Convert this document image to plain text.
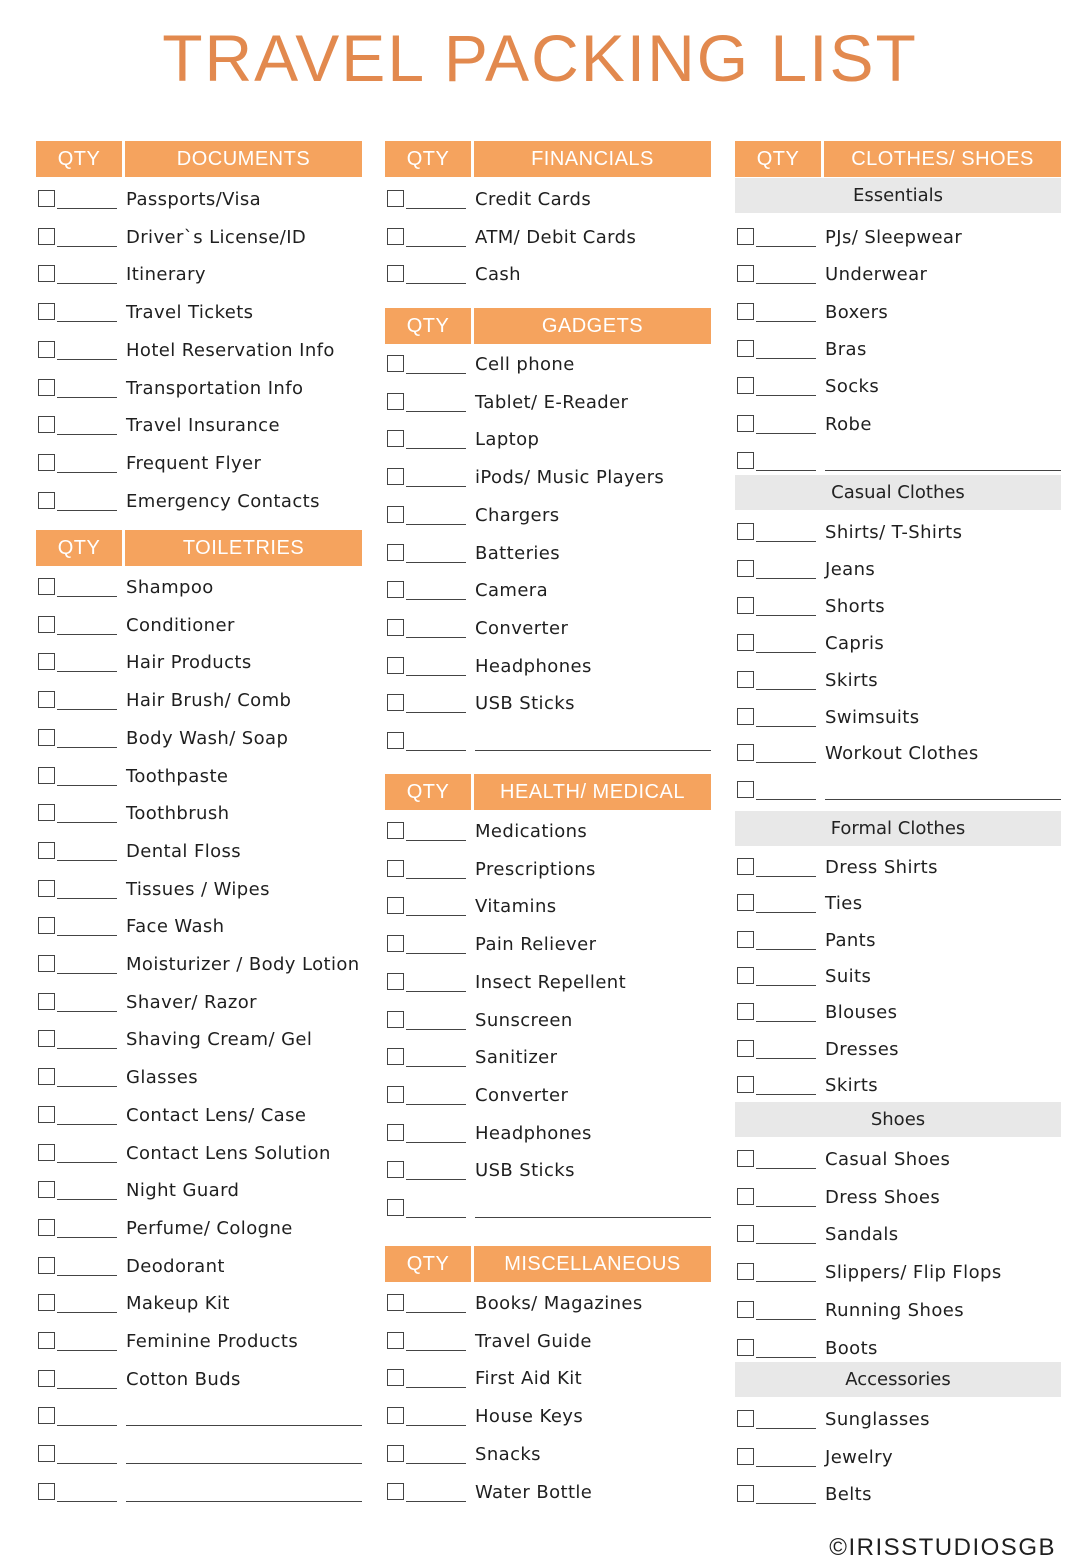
TRAVEL PACKING LIST
QTY	DOCUMENTS
Passports/Visa
Driver`s License/ID
Itinerary
Travel Tickets
Hotel Reservation Info
Transportation Info
Travel Insurance
Frequent Flyer
Emergency Contacts
QTY	TOILETRIES
Shampoo
Conditioner
Hair Products
Hair Brush/ Comb
Body Wash/ Soap
Toothpaste
Toothbrush
Dental Floss
Tissues / Wipes
Face Wash
Moisturizer / Body Lotion
Shaver/ Razor
Shaving Cream/ Gel
Glasses
Contact Lens/ Case
Contact Lens Solution
Night Guard
Perfume/ Cologne
Deodorant
Makeup Kit
Feminine Products
Cotton Buds
QTY	FINANCIALS
Credit Cards
ATM/ Debit Cards
Cash
QTY	GADGETS
Cell phone
Tablet/ E-Reader
Laptop
iPods/ Music Players
Chargers
Batteries
Camera
Converter
Headphones
USB Sticks
QTY	HEALTH/ MEDICAL
Medications
Prescriptions
Vitamins
Pain Reliever
Insect Repellent
Sunscreen
Sanitizer
Converter
Headphones
USB Sticks
QTY	MISCELLANEOUS
Books/ Magazines
Travel Guide
First Aid Kit
House Keys
Snacks
Water Bottle
QTY	CLOTHES/ SHOES
Essentials
PJs/ Sleepwear
Underwear
Boxers
Bras
Socks
Robe
Casual Clothes
Shirts/ T-Shirts
Jeans
Shorts
Capris
Skirts
Swimsuits
Workout Clothes
Formal Clothes
Dress Shirts
Ties
Pants
Suits
Blouses
Dresses
Skirts
Shoes
Casual Shoes
Dress Shoes
Sandals
Slippers/ Flip Flops
Running Shoes
Boots
Accessories
Sunglasses
Jewelry
Belts
©IRISSTUDIOSGB
